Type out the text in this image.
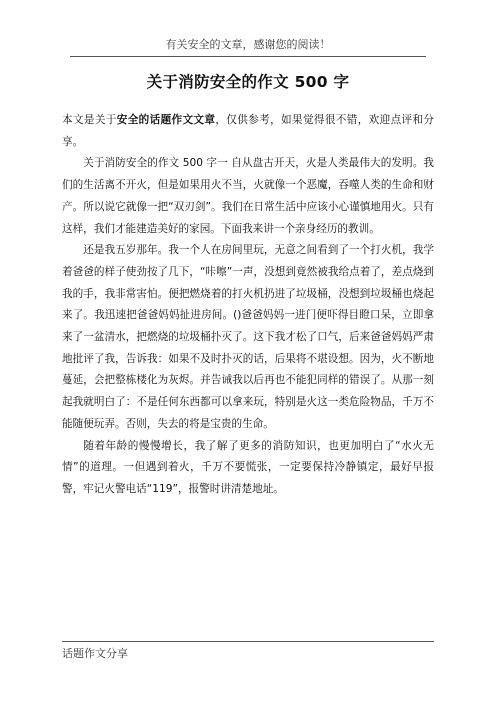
有关安全的文章，感谢您的阅读！
关于消防安全的作文 500 字

本文是关于安全的话题作文文章，仅供参考，如果觉得很不错，欢迎点评和分享。

关于消防安全的作文 500 字一 自从盘古开天，火是人类最伟大的发明。我们的生活离不开火，但是如果用火不当，火就像一个恶魔，吞噬人类的生命和财产。所以说它就像一把“双刃剑”。我们在日常生活中应该小心谨慎地用火。只有这样，我们才能建造美好的家园。下面我来讲一个亲身经历的教训。

还是我五岁那年。我一个人在房间里玩，无意之间看到了一个打火机，我学着爸爸的样子使劲按了几下，“咔嚓”一声，没想到竟然被我给点着了，差点烧到我的手，我非常害怕。便把燃烧着的打火机扔进了垃圾桶，没想到垃圾桶也烧起来了。我迅速把爸爸妈妈扯进房间。()爸爸妈妈一进门便吓得目瞪口呆，立即拿来了一盆清水，把燃烧的垃圾桶扑灭了。这下我才松了口气，后来爸爸妈妈严肃地批评了我，告诉我：如果不及时扑灭的话，后果将不堪设想。因为，火不断地蔓延，会把整栋楼化为灰烬。并告诫我以后再也不能犯同样的错误了。从那一刻起我就明白了：不是任何东西都可以拿来玩，特别是火这一类危险物品，千万不能随便玩弄。否则，失去的将是宝贵的生命。

随着年龄的慢慢增长，我了解了更多的消防知识，也更加明白了“水火无情”的道理。一但遇到着火，千万不要慌张，一定要保持冷静镇定，最好早报警，牢记火警电话“119”，报警时讲清楚地址。

话题作文分享
